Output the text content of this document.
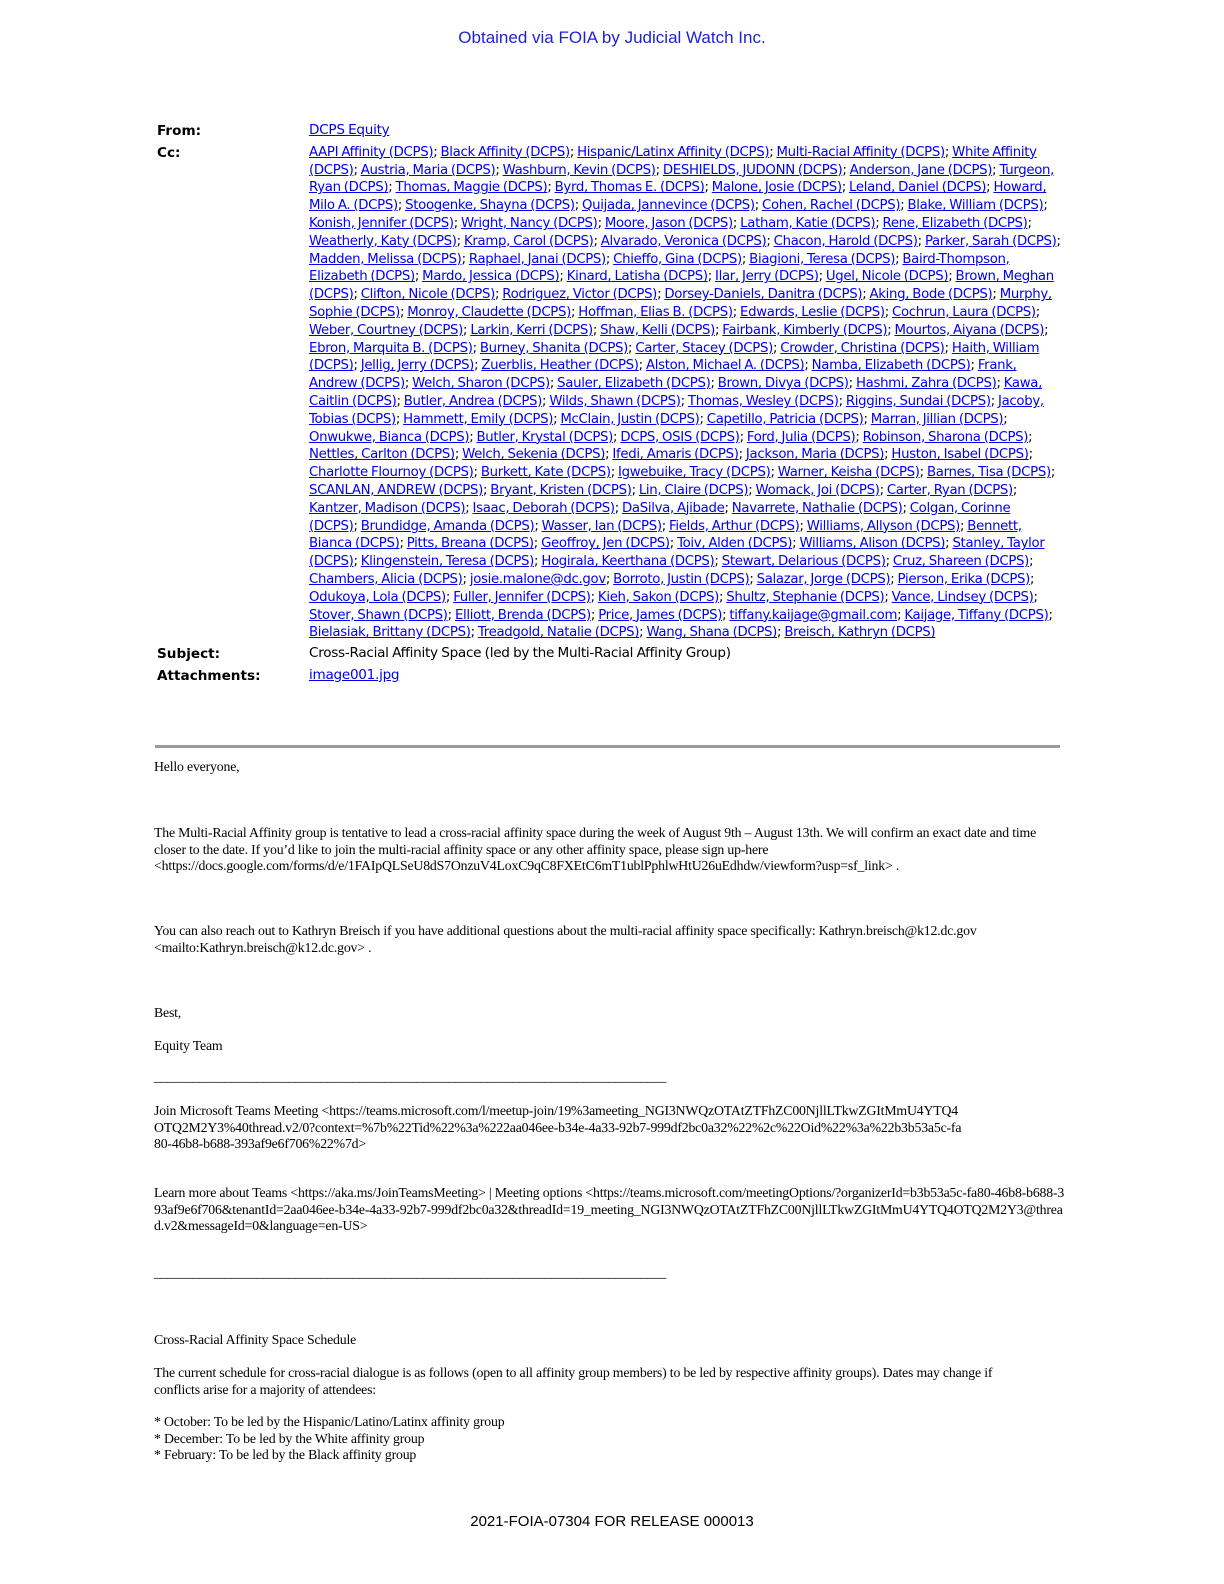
Obtained via FOIA by Judicial Watch Inc.
From:	DCPS Equity
Cc:	AAPI Affinity (DCPS); Black Affinity (DCPS); Hispanic/Latinx Affinity (DCPS); Multi-Racial Affinity (DCPS); White Affinity (DCPS); Austria, Maria (DCPS); Washburn, Kevin (DCPS); DESHIELDS, JUDONN (DCPS); Anderson, Jane (DCPS); Turgeon, Ryan (DCPS); Thomas, Maggie (DCPS); Byrd, Thomas E. (DCPS); Malone, Josie (DCPS); Leland, Daniel (DCPS); Howard, Milo A. (DCPS); Stoogenke, Shayna (DCPS); Quijada, Jannevince (DCPS); Cohen, Rachel (DCPS); Blake, William (DCPS); Konish, Jennifer (DCPS); Wright, Nancy (DCPS); Moore, Jason (DCPS); Latham, Katie (DCPS); Rene, Elizabeth (DCPS); Weatherly, Katy (DCPS); Kramp, Carol (DCPS); Alvarado, Veronica (DCPS); Chacon, Harold (DCPS); Parker, Sarah (DCPS); Madden, Melissa (DCPS); Raphael, Janai (DCPS); Chieffo, Gina (DCPS); Biagioni, Teresa (DCPS); Baird-Thompson, Elizabeth (DCPS); Mardo, Jessica (DCPS); Kinard, Latisha (DCPS); Ilar, Jerry (DCPS); Ugel, Nicole (DCPS); Brown, Meghan (DCPS); Clifton, Nicole (DCPS); Rodriguez, Victor (DCPS); Dorsey-Daniels, Danitra (DCPS); Aking, Bode (DCPS); Murphy, Sophie (DCPS); Monroy, Claudette (DCPS); Hoffman, Elias B. (DCPS); Edwards, Leslie (DCPS); Cochrun, Laura (DCPS); Weber, Courtney (DCPS); Larkin, Kerri (DCPS); Shaw, Kelli (DCPS); Fairbank, Kimberly (DCPS); Mourtos, Aiyana (DCPS); Ebron, Marquita B. (DCPS); Burney, Shanita (DCPS); Carter, Stacey (DCPS); Crowder, Christina (DCPS); Haith, William (DCPS); Jellig, Jerry (DCPS); Zuerblis, Heather (DCPS); Alston, Michael A. (DCPS); Namba, Elizabeth (DCPS); Frank, Andrew (DCPS); Welch, Sharon (DCPS); Sauler, Elizabeth (DCPS); Brown, Divya (DCPS); Hashmi, Zahra (DCPS); Kawa, Caitlin (DCPS); Butler, Andrea (DCPS); Wilds, Shawn (DCPS); Thomas, Wesley (DCPS); Riggins, Sundai (DCPS); Jacoby, Tobias (DCPS); Hammett, Emily (DCPS); McClain, Justin (DCPS); Capetillo, Patricia (DCPS); Marran, Jillian (DCPS); Onwukwe, Bianca (DCPS); Butler, Krystal (DCPS); DCPS, OSIS (DCPS); Ford, Julia (DCPS); Robinson, Sharona (DCPS); Nettles, Carlton (DCPS); Welch, Sekenia (DCPS); Ifedi, Amaris (DCPS); Jackson, Maria (DCPS); Huston, Isabel (DCPS); Charlotte Flournoy (DCPS); Burkett, Kate (DCPS); Igwebuike, Tracy (DCPS); Warner, Keisha (DCPS); Barnes, Tisa (DCPS); SCANLAN, ANDREW (DCPS); Bryant, Kristen (DCPS); Lin, Claire (DCPS); Womack, Joi (DCPS); Carter, Ryan (DCPS); Kantzer, Madison (DCPS); Isaac, Deborah (DCPS); DaSilva, Ajibade; Navarrete, Nathalie (DCPS); Colgan, Corinne (DCPS); Brundidge, Amanda (DCPS); Wasser, Ian (DCPS); Fields, Arthur (DCPS); Williams, Allyson (DCPS); Bennett, Bianca (DCPS); Pitts, Breana (DCPS); Geoffroy, Jen (DCPS); Toiv, Alden (DCPS); Williams, Alison (DCPS); Stanley, Taylor (DCPS); Klingenstein, Teresa (DCPS); Hogirala, Keerthana (DCPS); Stewart, Delarious (DCPS); Cruz, Shareen (DCPS); Chambers, Alicia (DCPS); josie.malone@dc.gov; Borroto, Justin (DCPS); Salazar, Jorge (DCPS); Pierson, Erika (DCPS); Odukoya, Lola (DCPS); Fuller, Jennifer (DCPS); Kieh, Sakon (DCPS); Shultz, Stephanie (DCPS); Vance, Lindsey (DCPS); Stover, Shawn (DCPS); Elliott, Brenda (DCPS); Price, James (DCPS); tiffany.kaijage@gmail.com; Kaijage, Tiffany (DCPS); Bielasiak, Brittany (DCPS); Treadgold, Natalie (DCPS); Wang, Shana (DCPS); Breisch, Kathryn (DCPS)
Subject:	Cross-Racial Affinity Space (led by the Multi-Racial Affinity Group)
Attachments:	image001.jpg
Hello everyone,
The Multi-Racial Affinity group is tentative to lead a cross-racial affinity space during the week of August 9th – August 13th. We will confirm an exact date and time closer to the date. If you’d like to join the multi-racial affinity space or any other affinity space, please sign up-here <https://docs.google.com/forms/d/e/1FAIpQLSeU8dS7OnzuV4LoxC9qC8FXEtC6mT1ublPphlwHtU26uEdhdw/viewform?usp=sf_link> .
You can also reach out to Kathryn Breisch if you have additional questions about the multi-racial affinity space specifically: Kathryn.breisch@k12.dc.gov <mailto:Kathryn.breisch@k12.dc.gov> .
Best,
Equity Team
________________________________________________________________________________
Join Microsoft Teams Meeting <https://teams.microsoft.com/l/meetup-join/19%3ameeting_NGI3NWQzOTAtZTFhZC00NjllLTkwZGItMmU4YTQ4OTQ2M2Y3%40thread.v2/0?context=%7b%22Tid%22%3a%222aa046ee-b34e-4a33-92b7-999df2bc0a32%22%2c%22Oid%22%3a%22b3b53a5c-fa80-46b8-b688-393af9e6f706%22%7d>
Learn more about Teams <https://aka.ms/JoinTeamsMeeting> | Meeting options <https://teams.microsoft.com/meetingOptions/?organizerId=b3b53a5c-fa80-46b8-b688-393af9e6f706&tenantId=2aa046ee-b34e-4a33-92b7-999df2bc0a32&threadId=19_meeting_NGI3NWQzOTAtZTFhZC00NjllLTkwZGItMmU4YTQ4OTQ2M2Y3@thread.v2&messageId=0&language=en-US>
________________________________________________________________________________
Cross-Racial Affinity Space Schedule
The current schedule for cross-racial dialogue is as follows (open to all affinity group members) to be led by respective affinity groups). Dates may change if conflicts arise for a majority of attendees:
* October: To be led by the Hispanic/Latino/Latinx affinity group
* December: To be led by the White affinity group
* February: To be led by the Black affinity group
2021-FOIA-07304 FOR RELEASE 000013
